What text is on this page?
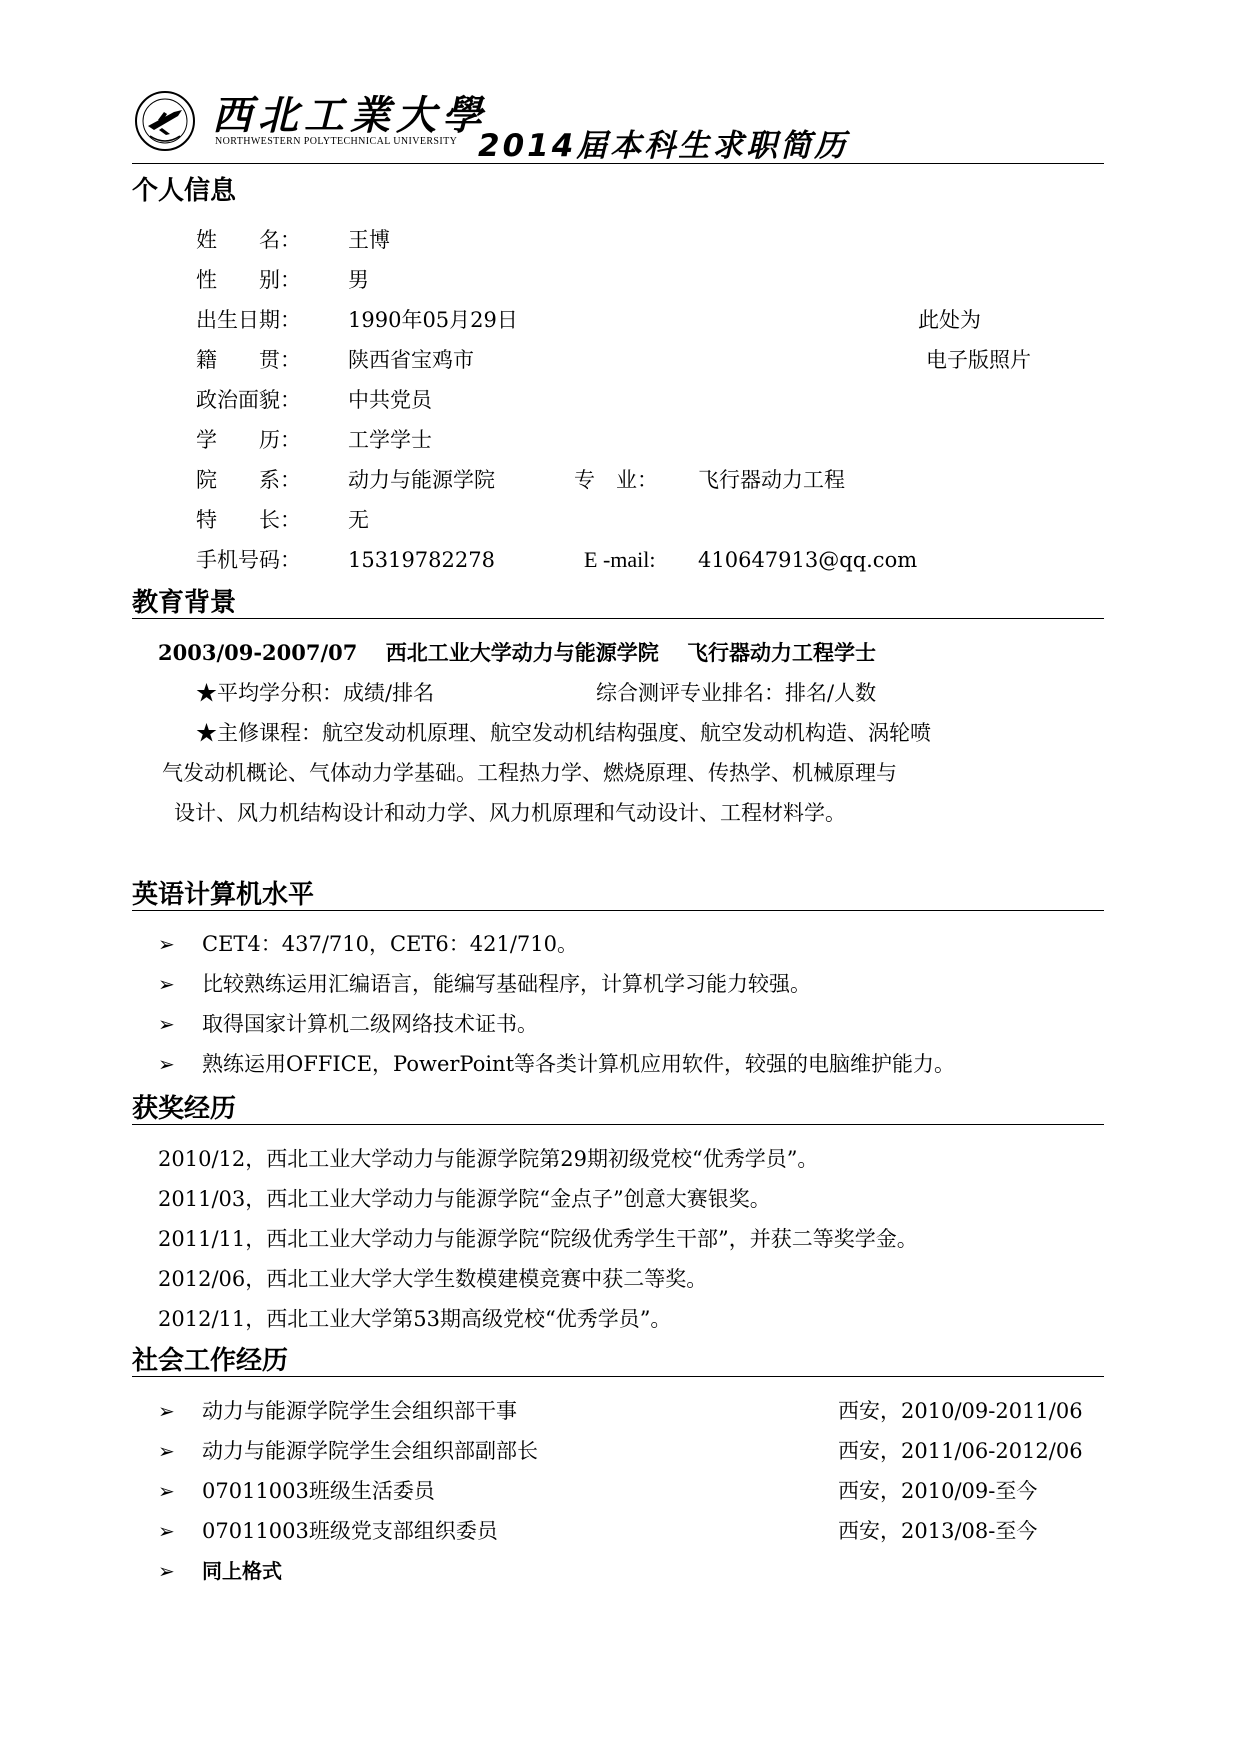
西北工業大學
NORTHWESTERN POLYTECHNICAL UNIVERSITY 2014届本科生求职简历
个人信息
姓　　名： 王博
性　　别： 男
出生日期： 1990年05月29日	此处为
籍　　贯： 陕西省宝鸡市	电子版照片
政治面貌： 中共党员
学　　历： 工学学士
院　　系： 动力与能源学院	专　业： 飞行器动力工程
特　　长： 无
手机号码： 15319782278	E -mail: 410647913@qq.com
教育背景
2003/09-2007/07　 西北工业大学动力与能源学院　 飞行器动力工程学士
★平均学分积：成绩/排名	综合测评专业排名：排名/人数
★主修课程：航空发动机原理、航空发动机结构强度、航空发动机构造、涡轮喷
气发动机概论、气体动力学基础。工程热力学、燃烧原理、传热学、机械原理与
设计、风力机结构设计和动力学、风力机原理和气动设计、工程材料学。
英语计算机水平
➢ CET4：437/710，CET6：421/710。
➢ 比较熟练运用汇编语言，能编写基础程序，计算机学习能力较强。
➢ 取得国家计算机二级网络技术证书。
➢ 熟练运用OFFICE，PowerPoint等各类计算机应用软件，较强的电脑维护能力。
获奖经历
2010/12，西北工业大学动力与能源学院第29期初级党校“优秀学员”。
2011/03，西北工业大学动力与能源学院“金点子”创意大赛银奖。
2011/11，西北工业大学动力与能源学院“院级优秀学生干部”，并获二等奖学金。
2012/06，西北工业大学大学生数模建模竞赛中获二等奖。
2012/11，西北工业大学第53期高级党校“优秀学员”。
社会工作经历
➢ 动力与能源学院学生会组织部干事	西安，2010/09-2011/06
➢ 动力与能源学院学生会组织部副部长	西安，2011/06-2012/06
➢ 07011003班级生活委员	西安，2010/09-至今
➢ 07011003班级党支部组织委员	西安，2013/08-至今
➢ 同上格式
